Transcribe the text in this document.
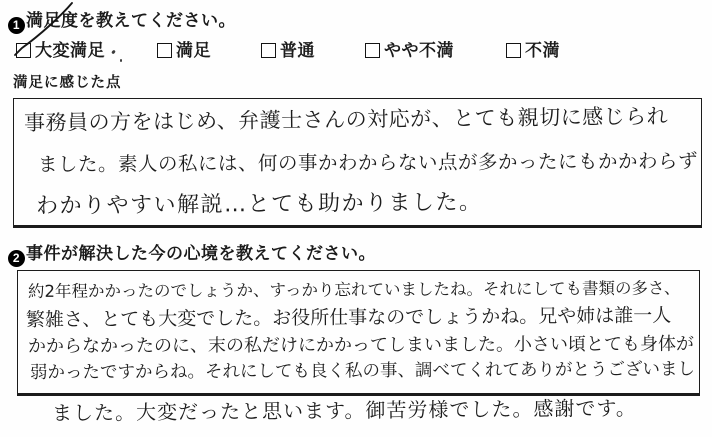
1 満足度を教えてください。
大変満足	満足	普通	やや不満	不満
満足に感じた点
事務員の方をはじめ、弁護士さんの対応が、とても親切に感じられ
ました。素人の私には、何の事かわからない点が多かったにもかかわらず
わかりやすい解説…とても助かりました。
2 事件が解決した今の心境を教えてください。
約2年程かかったのでしょうか、すっかり忘れていましたね。それにしても書類の多さ、
繁雑さ、とても大変でした。お役所仕事なのでしょうかね。兄や姉は誰一人
かからなかったのに、末の私だけにかかってしまいました。小さい頃とても身体が
弱かったですからね。それにしても良く私の事、調べてくれてありがとうございまし
ました。大変だったと思います。御苦労様でした。感謝です。
